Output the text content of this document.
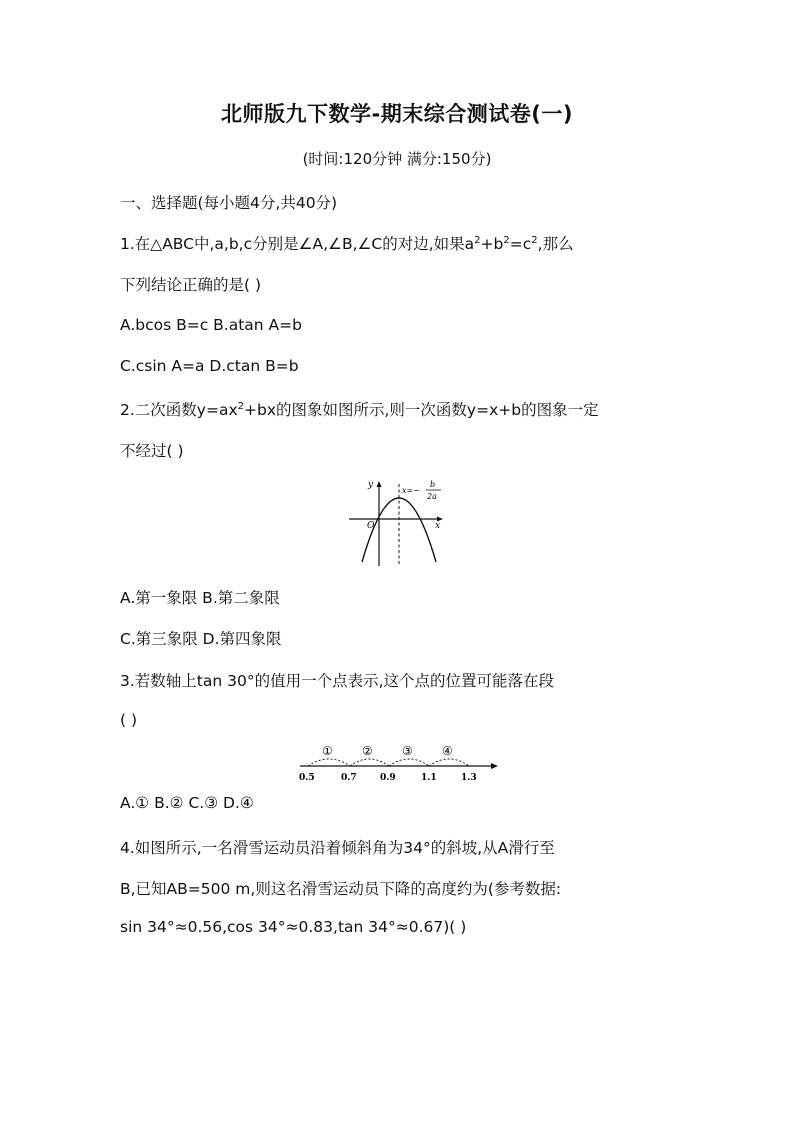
北师版九下数学-期末综合测试卷(一)
(时间:120分钟 满分:150分)
一、选择题(每小题4分,共40分)
1.在△ABC中,a,b,c分别是∠A,∠B,∠C的对边,如果$a^2+b^2=c^2$,那么
下列结论正确的是( )
A.bcos B=c B.atan A=b
C.csin A=a D.ctan B=b
2.二次函数$y=ax^2+bx$的图象如图所示,则一次函数y=x+b的图象一定
不经过( )
y
x
O
x=−
b
2a
A.第一象限 B.第二象限
C.第三象限 D.第四象限
3.若数轴上tan 30°的值用一个点表示,这个点的位置可能落在段
( )
① ② ③ ④
0.5	0.7	0.9	1.1	1.3
A.① B.② C.③ D.④
4.如图所示,一名滑雪运动员沿着倾斜角为34°的斜坡,从A滑行至
B,已知AB=500 m,则这名滑雪运动员下降的高度约为(参考数据:
sin 34°≈0.56,cos 34°≈0.83,tan 34°≈0.67)( )
